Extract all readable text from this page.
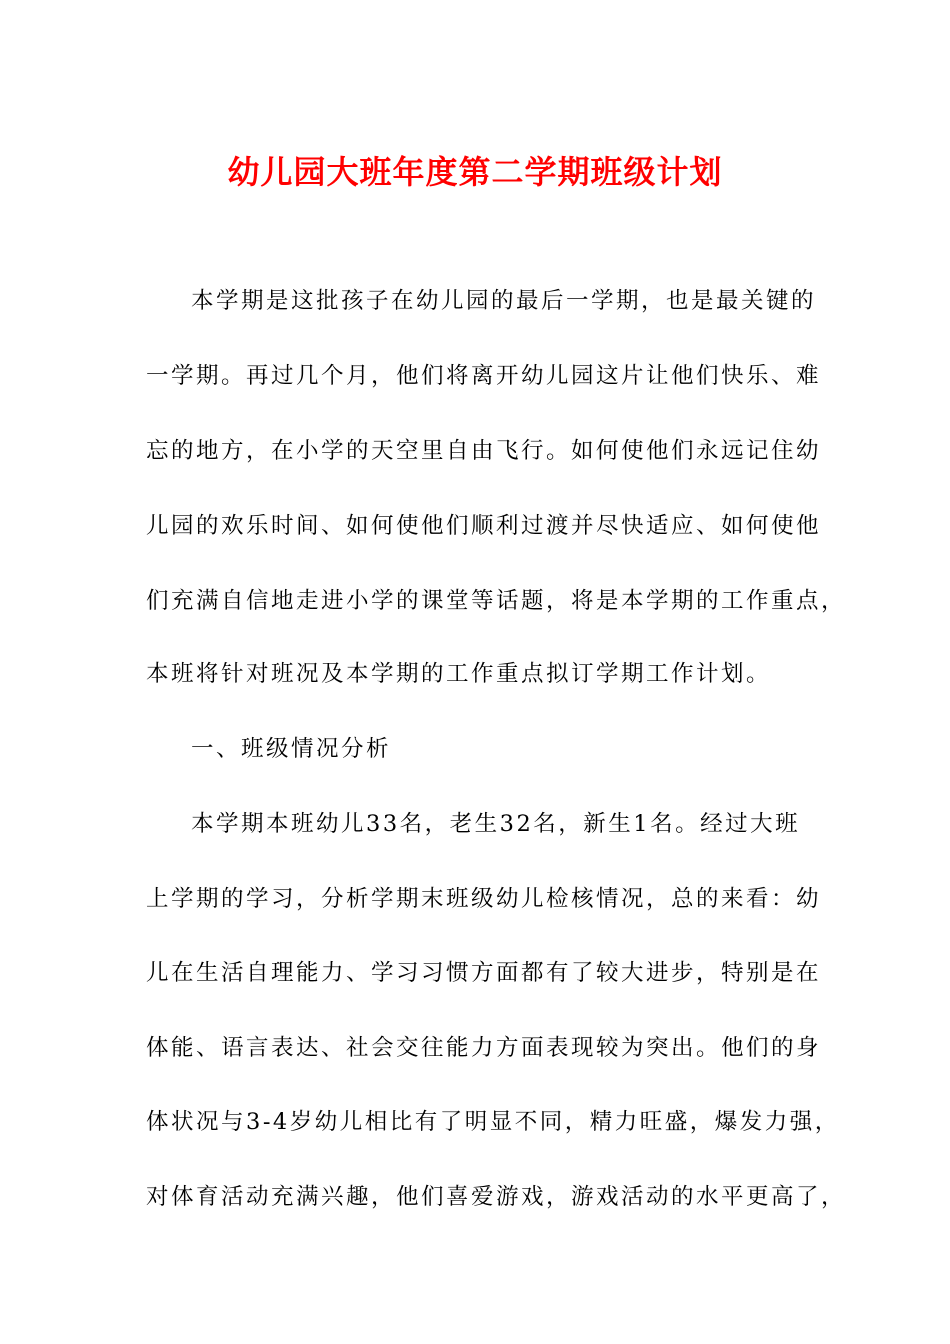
幼儿园大班年度第二学期班级计划
本学期是这批孩子在幼儿园的最后一学期，也是最关键的
一学期。再过几个月，他们将离开幼儿园这片让他们快乐、难
忘的地方，在小学的天空里自由飞行。如何使他们永远记住幼
儿园的欢乐时间、如何使他们顺利过渡并尽快适应、如何使他
们充满自信地走进小学的课堂等话题，将是本学期的工作重点，
本班将针对班况及本学期的工作重点拟订学期工作计划。
一、班级情况分析
本学期本班幼儿33名，老生32名，新生1名。经过大班
上学期的学习，分析学期末班级幼儿检核情况，总的来看：幼
儿在生活自理能力、学习习惯方面都有了较大进步，特别是在
体能、语言表达、社会交往能力方面表现较为突出。他们的身
体状况与3-4岁幼儿相比有了明显不同，精力旺盛，爆发力强，
对体育活动充满兴趣，他们喜爱游戏，游戏活动的水平更高了，
